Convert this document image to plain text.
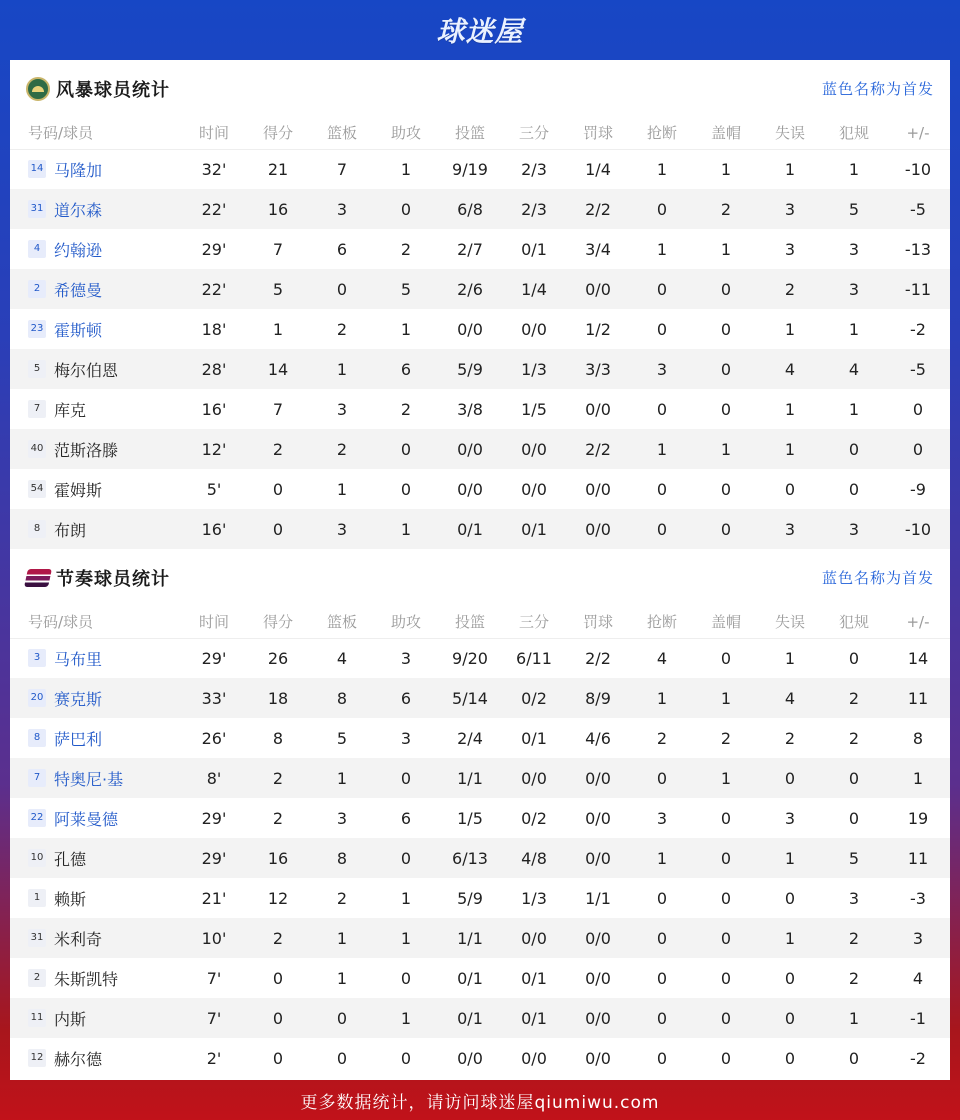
球迷屋
风暴球员统计	蓝色名称为首发
号码/球员	时间	得分	篮板	助攻	投篮	三分	罚球	抢断	盖帽	失误	犯规	+/-
14 马隆加	32'	21	7	1	9/19	2/3	1/4	1	1	1	1	-10
31 道尔森	22'	16	3	0	6/8	2/3	2/2	0	2	3	5	-5
4 约翰逊	29'	7	6	2	2/7	0/1	3/4	1	1	3	3	-13
2 希德曼	22'	5	0	5	2/6	1/4	0/0	0	0	2	3	-11
23 霍斯顿	18'	1	2	1	0/0	0/0	1/2	0	0	1	1	-2
5 梅尔伯恩	28'	14	1	6	5/9	1/3	3/3	3	0	4	4	-5
7 库克	16'	7	3	2	3/8	1/5	0/0	0	0	1	1	0
40 范斯洛滕	12'	2	2	0	0/0	0/0	2/2	1	1	1	0	0
54 霍姆斯	5'	0	1	0	0/0	0/0	0/0	0	0	0	0	-9
8 布朗	16'	0	3	1	0/1	0/1	0/0	0	0	3	3	-10
节奏球员统计	蓝色名称为首发
号码/球员	时间	得分	篮板	助攻	投篮	三分	罚球	抢断	盖帽	失误	犯规	+/-
3 马布里	29'	26	4	3	9/20	6/11	2/2	4	0	1	0	14
20 赛克斯	33'	18	8	6	5/14	0/2	8/9	1	1	4	2	11
8 萨巴利	26'	8	5	3	2/4	0/1	4/6	2	2	2	2	8
7 特奥尼·基	8'	2	1	0	1/1	0/0	0/0	0	1	0	0	1
22 阿莱曼德	29'	2	3	6	1/5	0/2	0/0	3	0	3	0	19
10 孔德	29'	16	8	0	6/13	4/8	0/0	1	0	1	5	11
1 赖斯	21'	12	2	1	5/9	1/3	1/1	0	0	0	3	-3
31 米利奇	10'	2	1	1	1/1	0/0	0/0	0	0	1	2	3
2 朱斯凯特	7'	0	1	0	0/1	0/1	0/0	0	0	0	2	4
11 内斯	7'	0	0	1	0/1	0/1	0/0	0	0	0	1	-1
12 赫尔德	2'	0	0	0	0/0	0/0	0/0	0	0	0	0	-2
更多数据统计，请访问球迷屋qiumiwu.com
